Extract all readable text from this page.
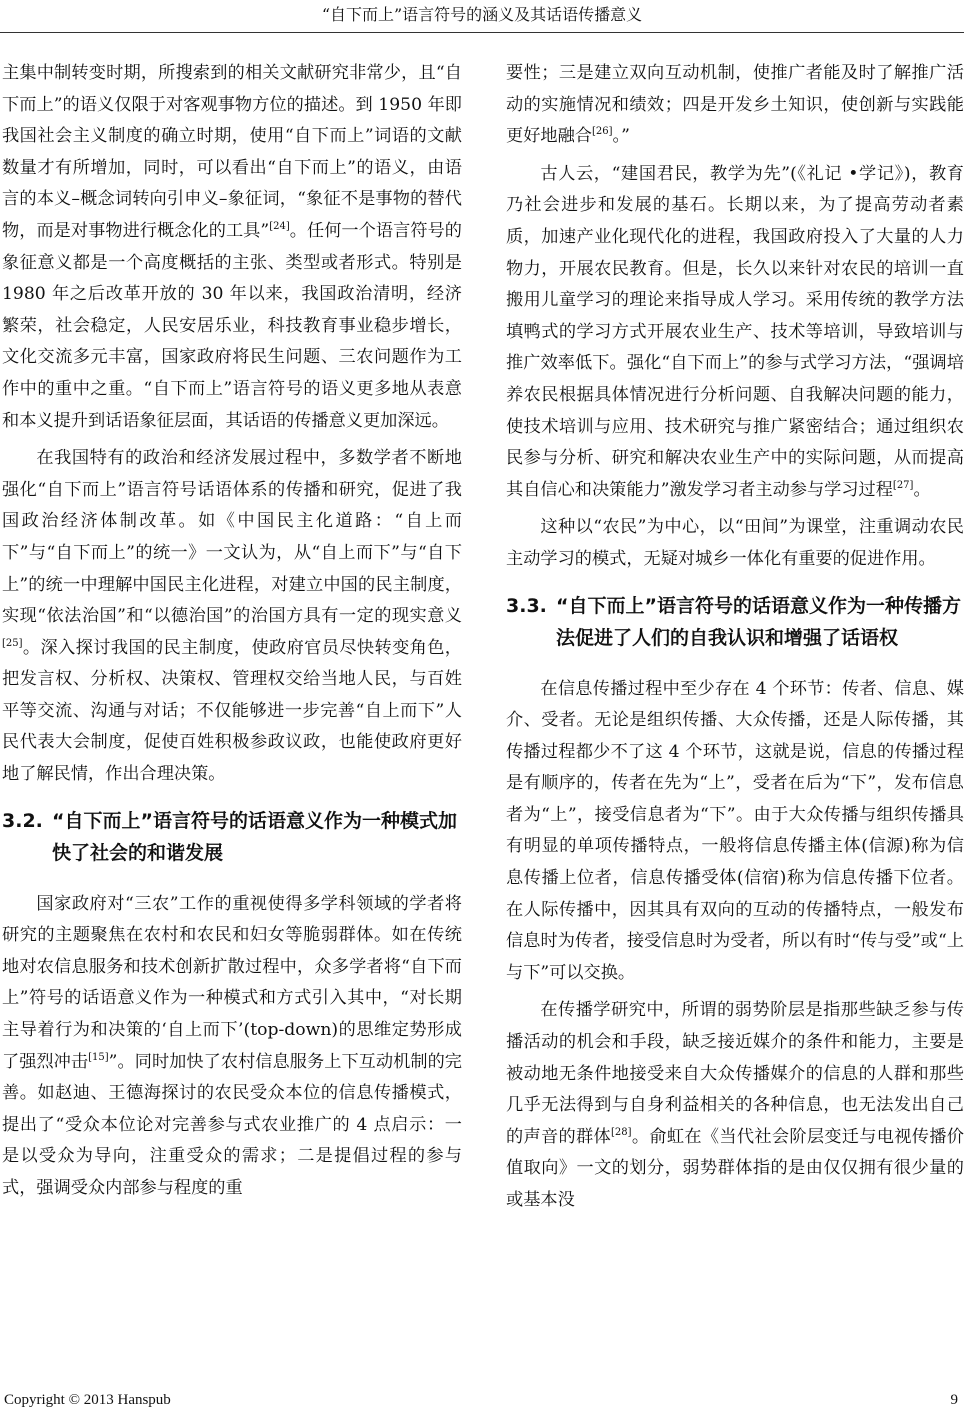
“自下而上”语言符号的涵义及其话语传播意义

主集中制转变时期，所搜索到的相关文献研究非常少，且“自下而上”的语义仅限于对客观事物方位的描述。到 1950 年即我国社会主义制度的确立时期，使用“自下而上”词语的文献数量才有所增加，同时，可以看出“自下而上”的语义，由语言的本义–概念词转向引申义–象征词，“象征不是事物的替代物，而是对事物进行概念化的工具”[24]。任何一个语言符号的象征意义都是一个高度概括的主张、类型或者形式。特别是 1980 年之后改革开放的 30 年以来，我国政治清明，经济繁荣，社会稳定，人民安居乐业，科技教育事业稳步增长，文化交流多元丰富，国家政府将民生问题、三农问题作为工作中的重中之重。“自下而上”语言符号的语义更多地从表意和本义提升到话语象征层面，其话语的传播意义更加深远。

在我国特有的政治和经济发展过程中，多数学者不断地强化“自下而上”语言符号话语体系的传播和研究，促进了我国政治经济体制改革。如《中国民主化道路：“自上而下”与“自下而上”的统一》一文认为，从“自上而下”与“自下上”的统一中理解中国民主化进程，对建立中国的民主制度，实现“依法治国”和“以德治国”的治国方具有一定的现实意义[25]。深入探讨我国的民主制度，使政府官员尽快转变角色，把发言权、分析权、决策权、管理权交给当地人民，与百姓平等交流、沟通与对话；不仅能够进一步完善“自上而下”人民代表大会制度，促使百姓积极参政议政，也能使政府更好地了解民情，作出合理决策。

3.2. “自下而上”语言符号的话语意义作为一种模式加快了社会的和谐发展

国家政府对“三农”工作的重视使得多学科领域的学者将研究的主题聚焦在农村和农民和妇女等脆弱群体。如在传统地对农信息服务和技术创新扩散过程中，众多学者将“自下而上”符号的话语意义作为一种模式和方式引入其中，“对长期主导着行为和决策的‘自上而下’(top-down)的思维定势形成了强烈冲击[15]”。同时加快了农村信息服务上下互动机制的完善。如赵迪、王德海探讨的农民受众本位的信息传播模式，提出了“受众本位论对完善参与式农业推广的 4 点启示：一是以受众为导向，注重受众的需求；二是提倡过程的参与式，强调受众内部参与程度的重

要性；三是建立双向互动机制，使推广者能及时了解推广活动的实施情况和绩效；四是开发乡土知识，使创新与实践能更好地融合[26]。”

古人云，“建国君民，教学为先”(《礼记 •学记》)，教育乃社会进步和发展的基石。长期以来，为了提高劳动者素质，加速产业化现代化的进程，我国政府投入了大量的人力物力，开展农民教育。但是，长久以来针对农民的培训一直搬用儿童学习的理论来指导成人学习。采用传统的教学方法填鸭式的学习方式开展农业生产、技术等培训，导致培训与推广效率低下。强化“自下而上”的参与式学习方法，“强调培养农民根据具体情况进行分析问题、自我解决问题的能力，使技术培训与应用、技术研究与推广紧密结合；通过组织农民参与分析、研究和解决农业生产中的实际问题，从而提高其自信心和决策能力”激发学习者主动参与学习过程[27]。

这种以“农民”为中心，以“田间”为课堂，注重调动农民主动学习的模式，无疑对城乡一体化有重要的促进作用。

3.3. “自下而上”语言符号的话语意义作为一种传播方法促进了人们的自我认识和增强了话语权

在信息传播过程中至少存在 4 个环节：传者、信息、媒介、受者。无论是组织传播、大众传播，还是人际传播，其传播过程都少不了这 4 个环节，这就是说，信息的传播过程是有顺序的，传者在先为“上”，受者在后为“下”，发布信息者为“上”，接受信息者为“下”。由于大众传播与组织传播具有明显的单项传播特点，一般将信息传播主体(信源)称为信息传播上位者，信息传播受体(信宿)称为信息传播下位者。在人际传播中，因其具有双向的互动的传播特点，一般发布信息时为传者，接受信息时为受者，所以有时“传与受”或“上与下”可以交换。

在传播学研究中，所谓的弱势阶层是指那些缺乏参与传播活动的机会和手段，缺乏接近媒介的条件和能力，主要是被动地无条件地接受来自大众传播媒介的信息的人群和那些几乎无法得到与自身利益相关的各种信息，也无法发出自己的声音的群体[28]。俞虹在《当代社会阶层变迁与电视传播价值取向》一文的划分，弱势群体指的是由仅仅拥有很少量的或基本没

Copyright © 2013 Hanspub	9
